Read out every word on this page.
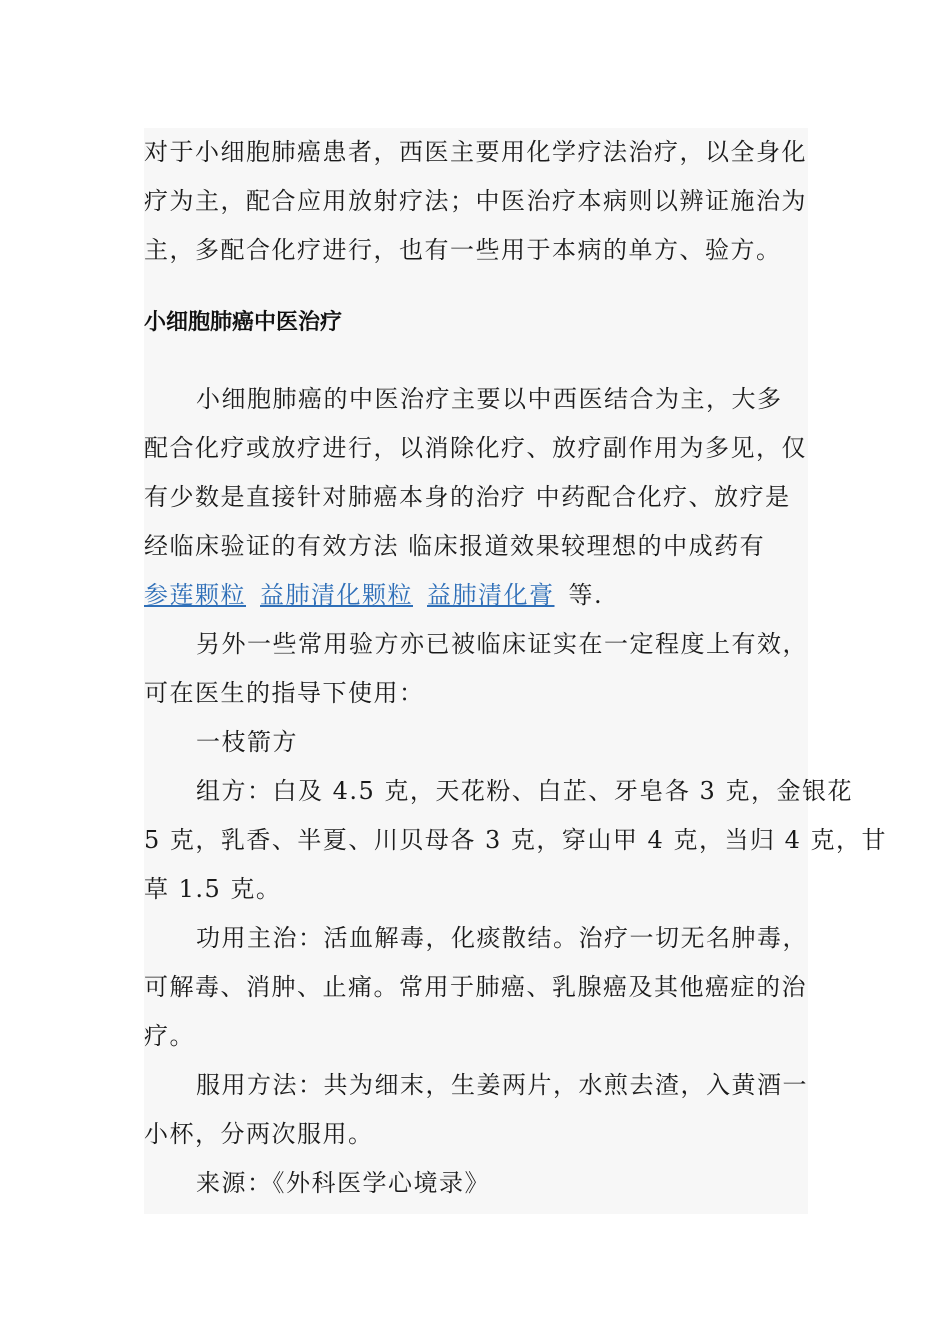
对于小细胞肺癌患者，西医主要用化学疗法治疗，以全身化
疗为主，配合应用放射疗法；中医治疗本病则以辨证施治为
主，多配合化疗进行，也有一些用于本病的单方、验方。
小细胞肺癌中医治疗
小细胞肺癌的中医治疗主要以中西医结合为主，大多
配合化疗或放疗进行，以消除化疗、放疗副作用为多见，仅
有少数是直接针对肺癌本身的治疗 中药配合化疗、放疗是
经临床验证的有效方法 临床报道效果较理想的中成药有
参莲颗粒 益肺清化颗粒 益肺清化膏 等.
另外一些常用验方亦已被临床证实在一定程度上有效，
可在医生的指导下使用：
一枝箭方
组方：白及 4.5 克，天花粉、白芷、牙皂各 3 克，金银花
5 克，乳香、半夏、川贝母各 3 克，穿山甲 4 克，当归 4 克，甘
草 1.5 克。
功用主治：活血解毒，化痰散结。治疗一切无名肿毒，
可解毒、消肿、止痛。常用于肺癌、乳腺癌及其他癌症的治
疗。
服用方法：共为细末，生姜两片，水煎去渣，入黄酒一
小杯，分两次服用。
来源：《外科医学心境录》
